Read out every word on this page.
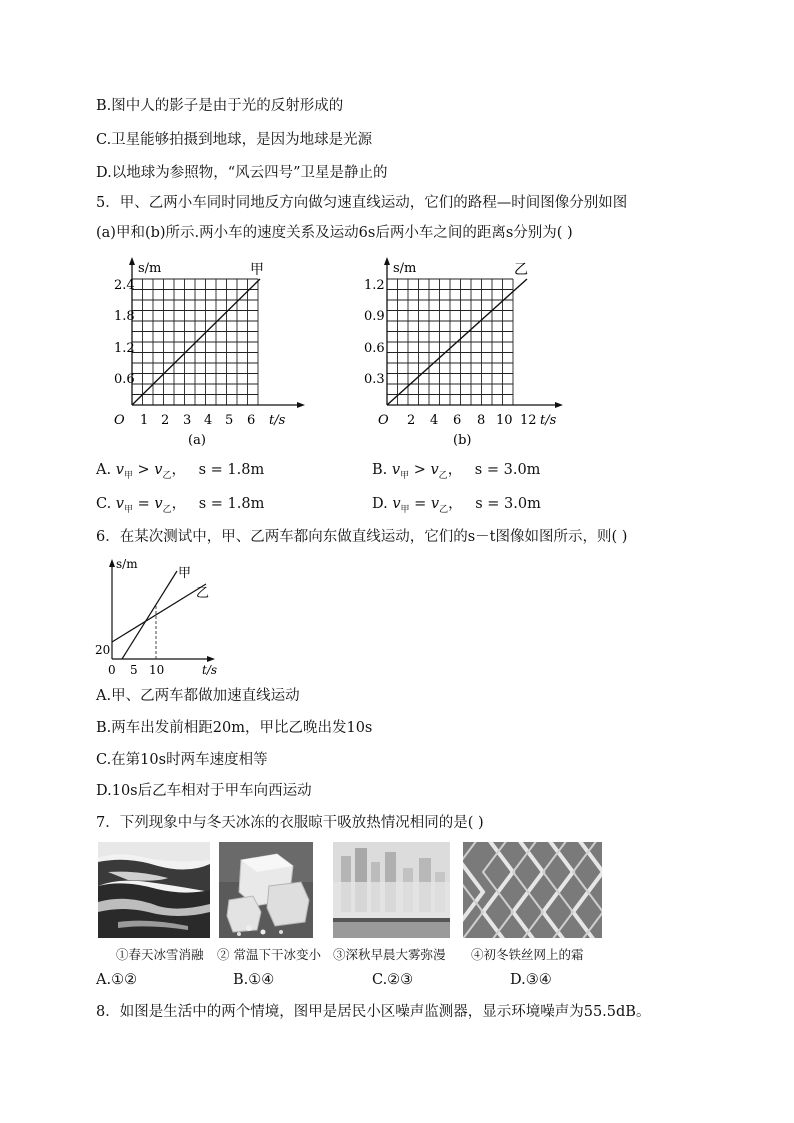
B.图中人的影子是由于光的反射形成的
C.卫星能够拍摄到地球，是因为地球是光源
D.以地球为参照物，“风云四号”卫星是静止的
5．甲、乙两小车同时同地反方向做匀速直线运动，它们的路程—时间图像分别如图
(a)甲和(b)所示.两小车的速度关系及运动6s后两小车之间的距离s分别为( )
s/m	甲
2.4
1.8
1.2
0.6
O 1 2 3 4 5 6 t/s
(a)
s/m	乙
1.2
0.9
0.6
0.3
O 2 4 6 8 10 12 t/s
(b)
A. $v_甲 > v_乙$， s = 1.8m	B. $v_甲 > v_乙$， s = 3.0m
C. $v_甲 = v_乙$， s = 1.8m	D. $v_甲 = v_乙$， s = 3.0m
6．在某次测试中，甲、乙两车都向东做直线运动，它们的s－t图像如图所示，则( )
s/m
甲
乙
20
0 5 10	t/s
A.甲、乙两车都做加速直线运动
B.两车出发前相距20m，甲比乙晚出发10s
C.在第10s时两车速度相等
D.10s后乙车相对于甲车向西运动
7．下列现象中与冬天冰冻的衣服晾干吸放热情况相同的是( )
①春天冰雪消融 ② 常温下干冰变小 ③深秋早晨大雾弥漫 ④初冬铁丝网上的霜
A.①②	B.①④	C.②③	D.③④
8．如图是生活中的两个情境，图甲是居民小区噪声监测器，显示环境噪声为55.5dB。
